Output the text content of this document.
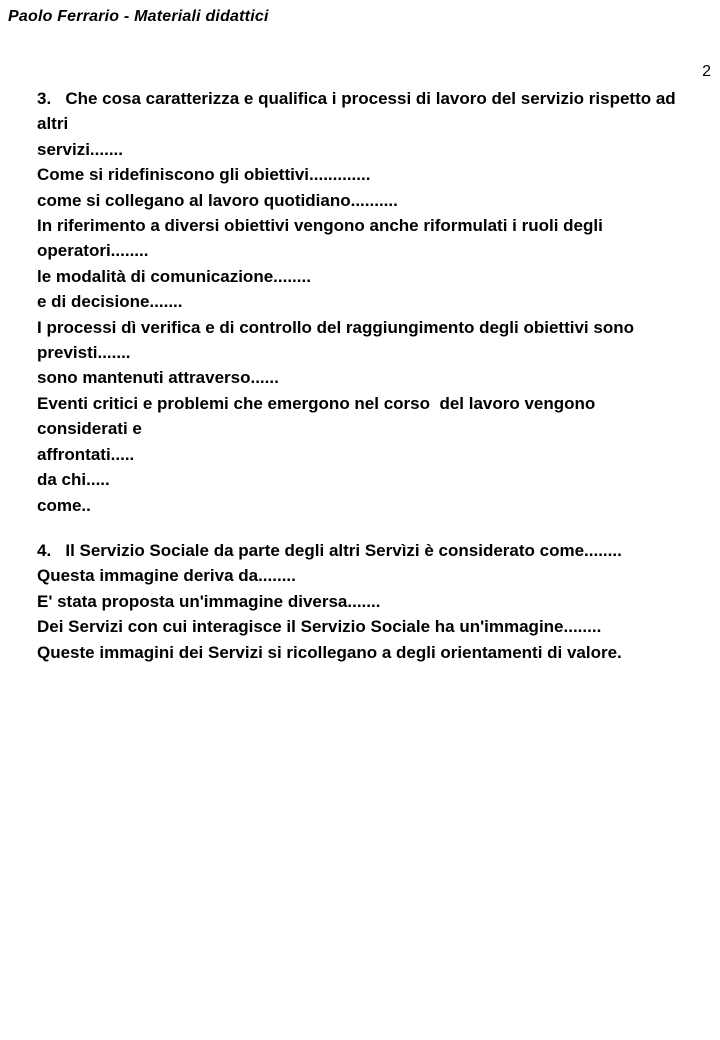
Paolo Ferrario - Materiali didattici
2
3.   Che cosa caratterizza e qualifica i processi di lavoro del servizio rispetto ad altri
servizi.......
Come si ridefiniscono gli obiettivi.............
come si collegano al lavoro quotidiano..........
In riferimento a diversi obiettivi vengono anche riformulati i ruoli degli operatori........
le modalità di comunicazione........
e di decisione.......
I processi dì verifica e di controllo del raggiungimento degli obiettivi sono
previsti.......
sono mantenuti attraverso......
Eventi critici e problemi che emergono nel corso  del lavoro vengono  considerati e
affrontati.....
da chi.....
come..
4.   Il Servizio Sociale da parte degli altri Servìzi è considerato come........
Questa immagine deriva da........
E' stata proposta un'immagine diversa.......
Dei Servizi con cui interagisce il Servizio Sociale ha un'immagine........
Queste immagini dei Servizi si ricollegano a degli orientamenti di valore.
